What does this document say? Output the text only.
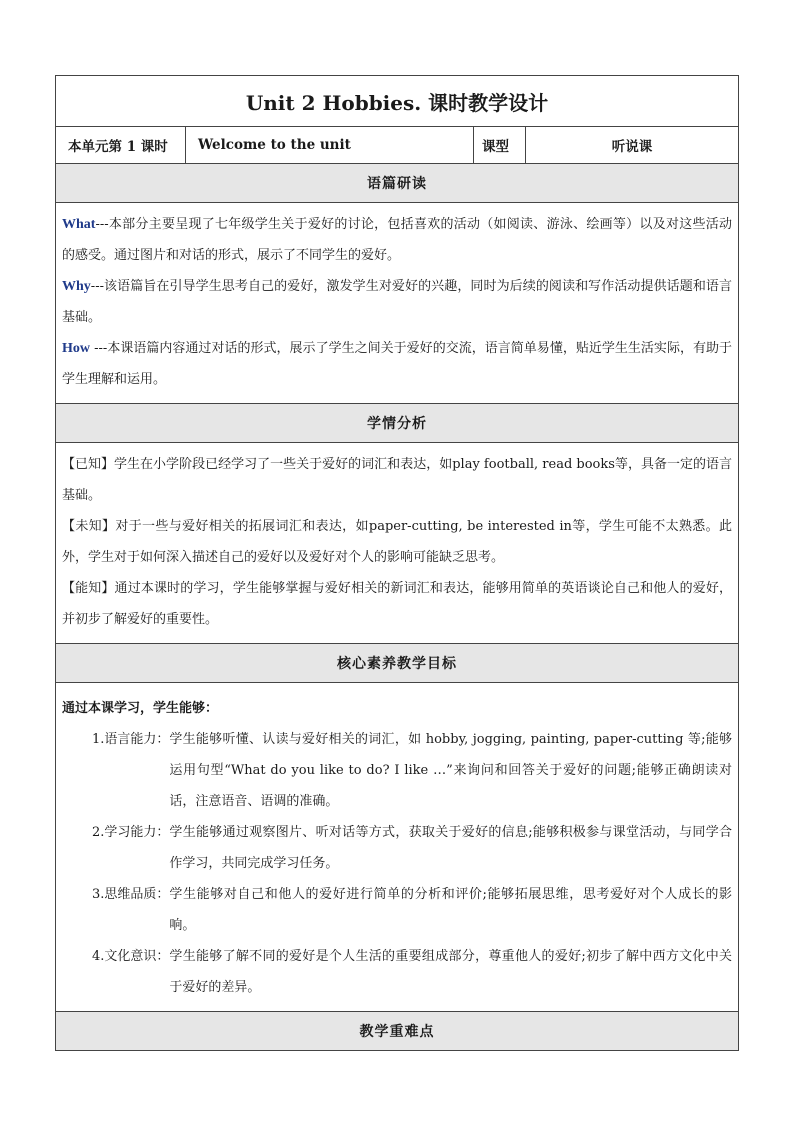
Unit 2 Hobbies. 课时教学设计
本单元第 1 课时	Welcome to the unit	课型	听说课
语篇研读

What---本部分主要呈现了七年级学生关于爱好的讨论，包括喜欢的活动（如阅读、游泳、绘画等）以及对这些活动的感受。通过图片和对话的形式，展示了不同学生的爱好。

Why---该语篇旨在引导学生思考自己的爱好，激发学生对爱好的兴趣，同时为后续的阅读和写作活动提供话题和语言基础。

How ---本课语篇内容通过对话的形式，展示了学生之间关于爱好的交流，语言简单易懂，贴近学生生活实际，有助于学生理解和运用。

学情分析

【已知】学生在小学阶段已经学习了一些关于爱好的词汇和表达，如play football, read books等，具备一定的语言基础。

【未知】对于一些与爱好相关的拓展词汇和表达，如paper-cutting, be interested in等，学生可能不太熟悉。此外，学生对于如何深入描述自己的爱好以及爱好对个人的影响可能缺乏思考。

【能知】通过本课时的学习，学生能够掌握与爱好相关的新词汇和表达，能够用简单的英语谈论自己和他人的爱好，并初步了解爱好的重要性。

核心素养教学目标

通过本课学习，学生能够：

1.语言能力： 学生能够听懂、认读与爱好相关的词汇，如 hobby, jogging, painting, paper-cutting 等;能够运用句型“What do you like to do? I like …”来询问和回答关于爱好的问题;能够正确朗读对话，注意语音、语调的准确。
2.学习能力： 学生能够通过观察图片、听对话等方式，获取关于爱好的信息;能够积极参与课堂活动，与同学合作学习，共同完成学习任务。
3.思维品质： 学生能够对自己和他人的爱好进行简单的分析和评价;能够拓展思维，思考爱好对个人成长的影响。
4.文化意识： 学生能够了解不同的爱好是个人生活的重要组成部分，尊重他人的爱好;初步了解中西方文化中关于爱好的差异。

教学重难点
